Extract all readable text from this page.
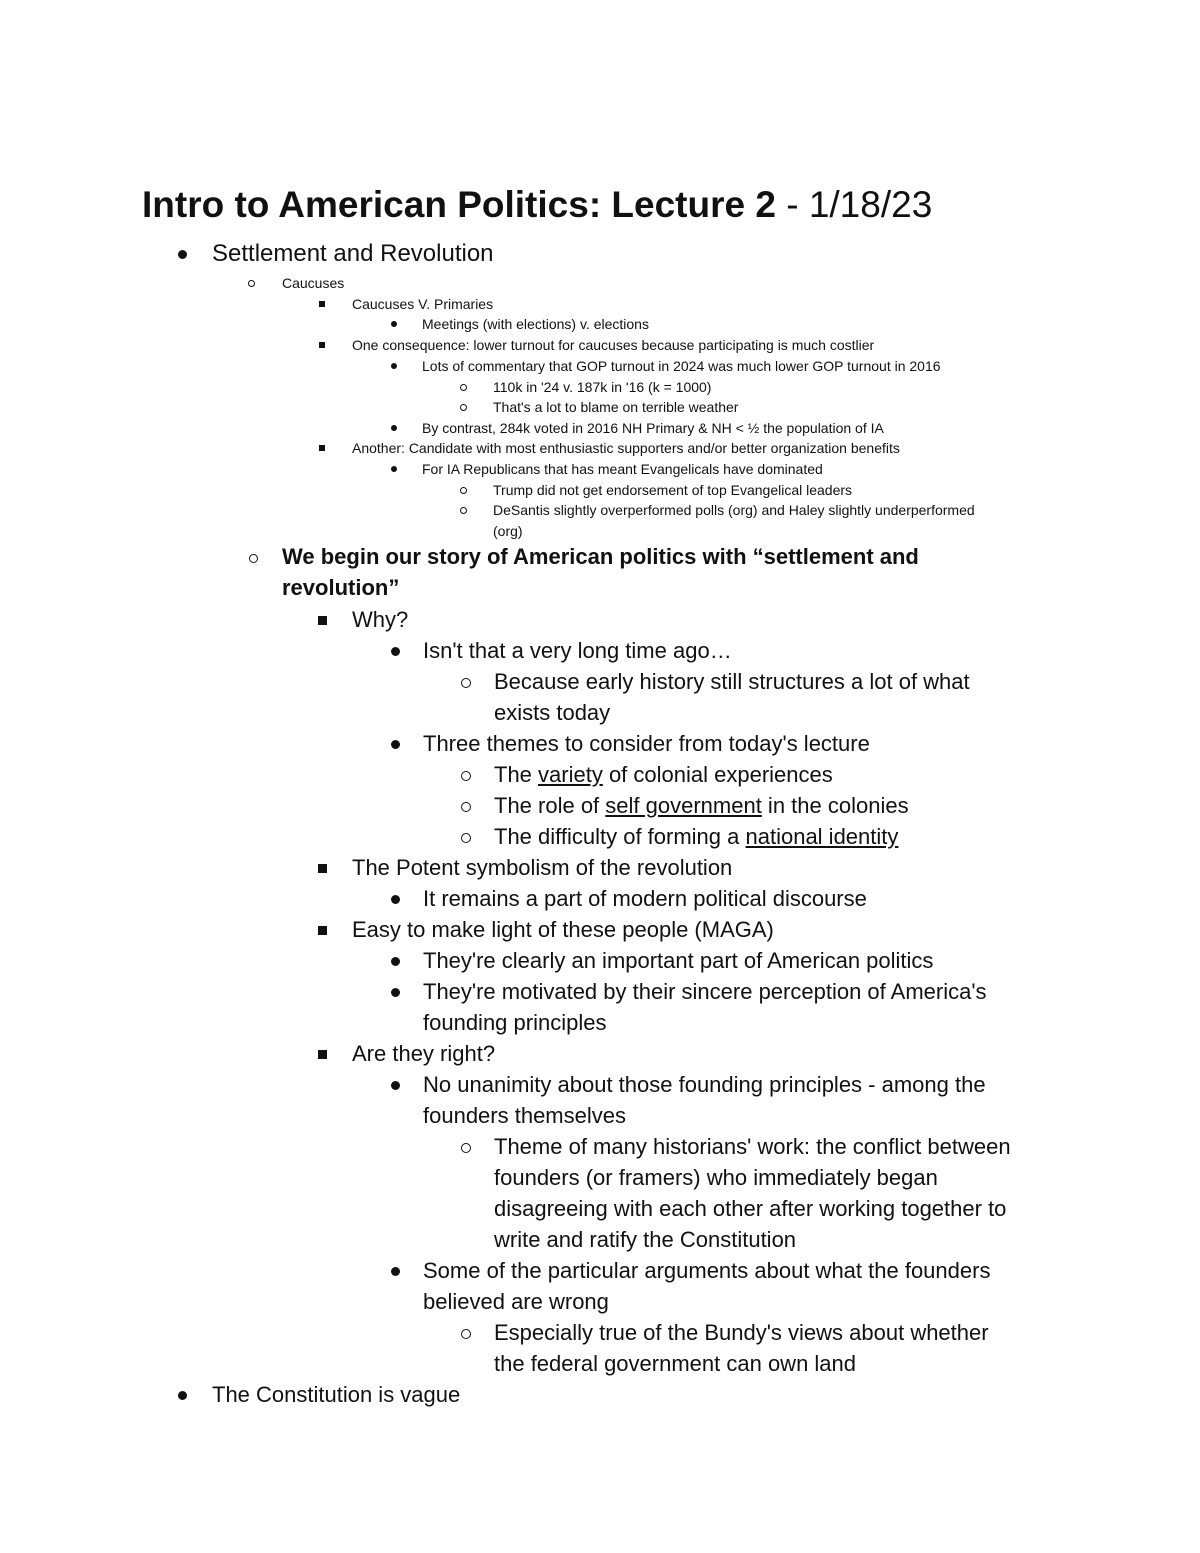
Intro to American Politics: Lecture 2 - 1/18/23
Settlement and Revolution
Caucuses
Caucuses V. Primaries
Meetings (with elections) v. elections
One consequence: lower turnout for caucuses because participating is much costlier
Lots of commentary that GOP turnout in 2024 was much lower GOP turnout in 2016
110k in '24 v. 187k in '16 (k = 1000)
That's a lot to blame on terrible weather
By contrast, 284k voted in 2016 NH Primary & NH < ½ the population of IA
Another: Candidate with most enthusiastic supporters and/or better organization benefits
For IA Republicans that has meant Evangelicals have dominated
Trump did not get endorsement of top Evangelical leaders
DeSantis slightly overperformed polls (org) and Haley slightly underperformed
(org)
We begin our story of American politics with “settlement and
revolution”
Why?
Isn't that a very long time ago…
Because early history still structures a lot of what
exists today
Three themes to consider from today's lecture
The variety of colonial experiences
The role of self government in the colonies
The difficulty of forming a national identity
The Potent symbolism of the revolution
It remains a part of modern political discourse
Easy to make light of these people (MAGA)
They're clearly an important part of American politics
They're motivated by their sincere perception of America's
founding principles
Are they right?
No unanimity about those founding principles - among the
founders themselves
Theme of many historians' work: the conflict between
founders (or framers) who immediately began
disagreeing with each other after working together to
write and ratify the Constitution
Some of the particular arguments about what the founders
believed are wrong
Especially true of the Bundy's views about whether
the federal government can own land
The Constitution is vague
